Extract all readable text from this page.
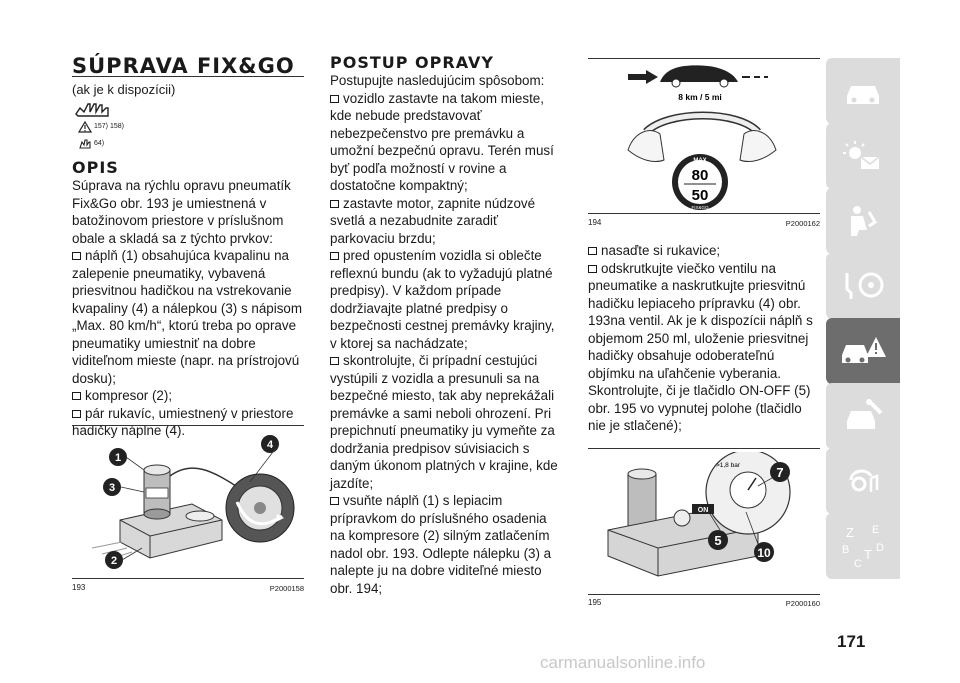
SÚPRAVA FIX&GO
(ak je k dispozícii)
157) 158)
64)
OPIS

Súprava na rýchlu opravu pneumatík Fix&Go obr. 193 je umiestnená v batožinovom priestore v príslušnom obale a skladá sa z týchto prvkov:

náplň (1) obsahujúca kvapalinu na zalepenie pneumatiky, vybavená priesvitnou hadičkou na vstrekovanie kvapaliny (4) a nálepkou (3) s nápisom „Max. 80 km/h“, ktorú treba po oprave pneumatiky umiestniť na dobre viditeľnom mieste (napr. na prístrojovú dosku);

kompresor (2);

pár rukavíc, umiestnený v priestore hadičky náplne (4).

1
4
3
2
193	P2000158
POSTUP OPRAVY

Postupujte nasledujúcim spôsobom:

vozidlo zastavte na takom mieste, kde nebude predstavovať nebezpečenstvo pre premávku a umožní bezpečnú opravu. Terén musí byť podľa možností v rovine a dostatočne kompaktný;

zastavte motor, zapnite núdzové svetlá a nezabudnite zaradiť parkovaciu brzdu;

pred opustením vozidla si oblečte reflexnú bundu (ak to vyžadujú platné predpisy). V každom prípade dodržiavajte platné predpisy o bezpečnosti cestnej premávky krajiny, v ktorej sa nachádzate;

skontrolujte, či prípadní cestujúci vystúpili z vozidla a presunuli sa na bezpečné miesto, tak aby neprekážali premávke a sami neboli ohrození. Pri prepichnutí pneumatiky ju vymeňte za dodržania predpisov súvisiacich s daným úkonom platných v krajine, kde jazdíte;

vsuňte náplň (1) s lepiacim prípravkom do príslušného osadenia na kompresore (2) silným zatlačením nadol obr. 193. Odlepte nálepku (3) a nalepte ju na dobre viditeľné miesto obr. 194;

8 km / 5 mi
MAX
80
50
FIX&GO
194	P2000162

nasaďte si rukavice;

odskrutkujte viečko ventilu na pneumatike a naskrutkujte priesvitnú hadičku lepiaceho prípravku (4) obr. 193na ventil. Ak je k dispozícii náplň s objemom 250 ml, uloženie priesvitnej hadičky obsahuje odoberateľnú objímku na uľahčenie vyberania.

Skontrolujte, či je tlačidlo ON-OFF (5) obr. 195 vo vypnutej polohe (tlačidlo nie je stlačené);

ON
>1,8 bar	7
5
10
195	P2000160
Z E
B
C
T D
171
carmanualsonline.info
